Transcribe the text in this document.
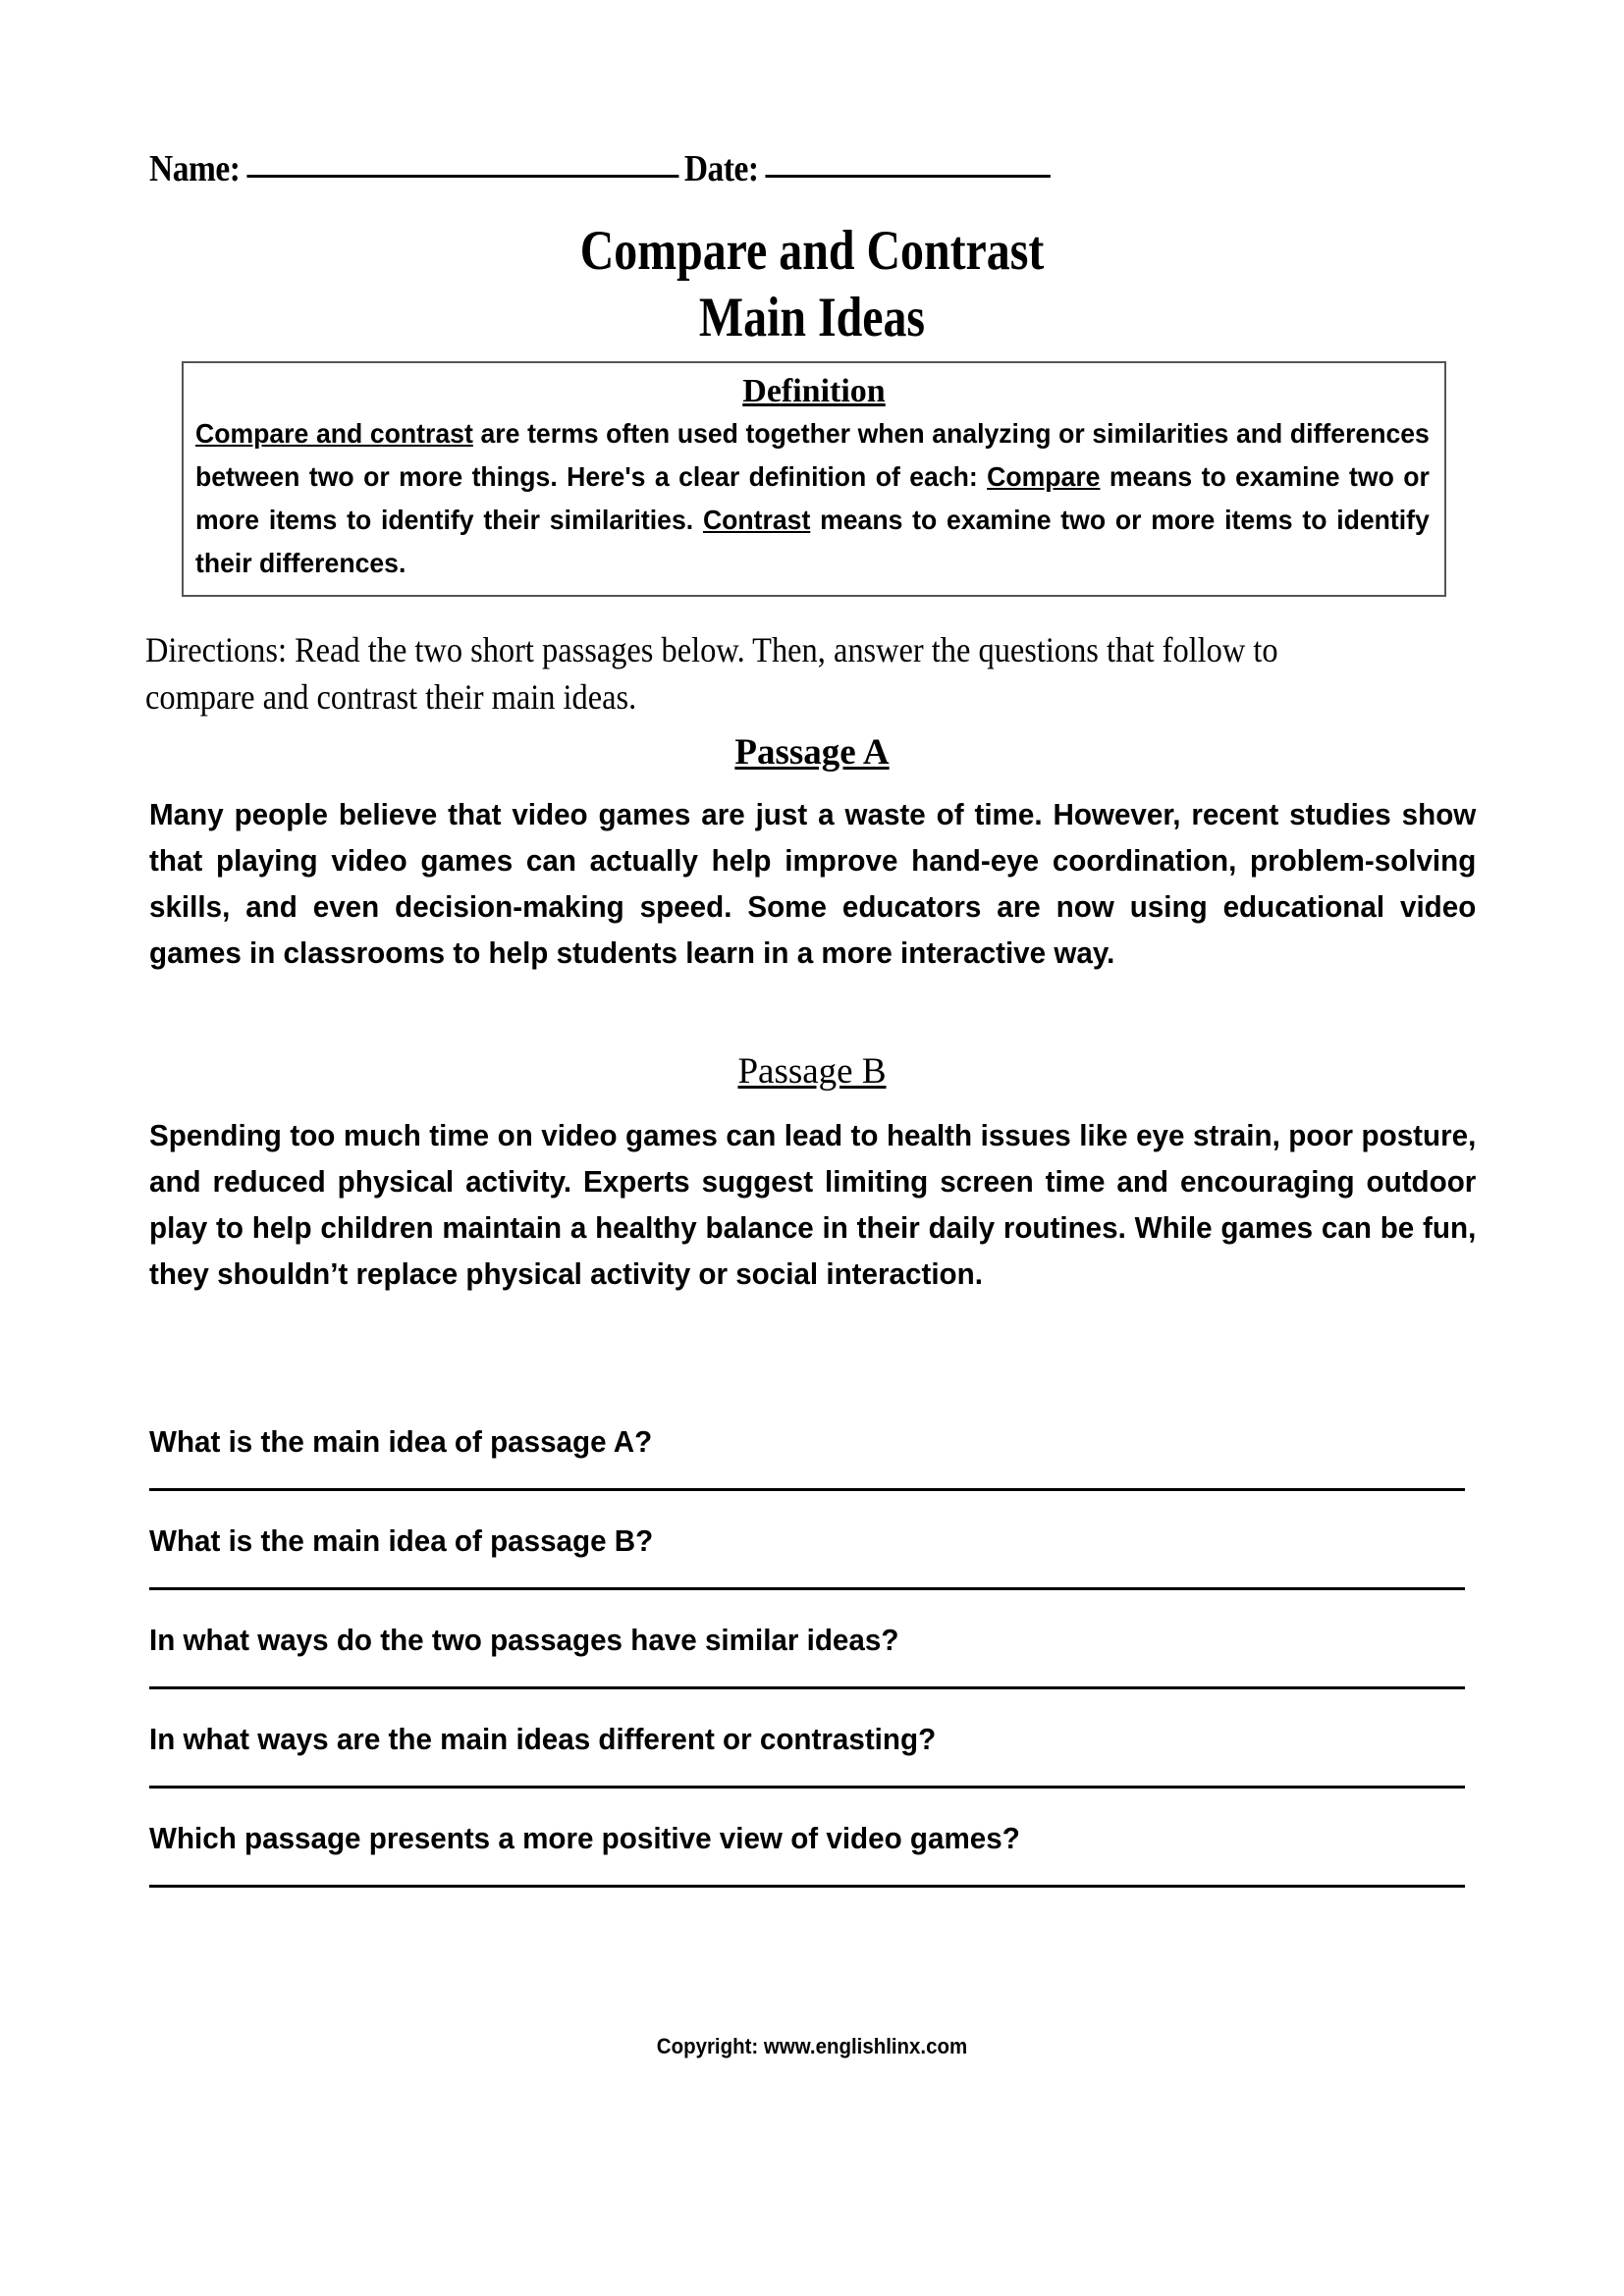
Name:	Date:
Compare and Contrast
Main Ideas
Definition
Compare and contrast are terms often used together when analyzing or similarities and differences between two or more things. Here's a clear definition of each: Compare means to examine two or more items to identify their similarities. Contrast means to examine two or more items to identify their differences.
Directions: Read the two short passages below. Then, answer the questions that follow to compare and contrast their main ideas.
Passage A
Many people believe that video games are just a waste of time. However, recent studies show that playing video games can actually help improve hand-eye coordination, problem-solving skills, and even decision-making speed. Some educators are now using educational video games in classrooms to help students learn in a more interactive way.
Passage B
Spending too much time on video games can lead to health issues like eye strain, poor posture, and reduced physical activity. Experts suggest limiting screen time and encouraging outdoor play to help children maintain a healthy balance in their daily routines. While games can be fun, they shouldn’t replace physical activity or social interaction.
What is the main idea of passage A?
What is the main idea of passage B?
In what ways do the two passages have similar ideas?
In what ways are the main ideas different or contrasting?
Which passage presents a more positive view of video games?
Copyright: www.englishlinx.com
